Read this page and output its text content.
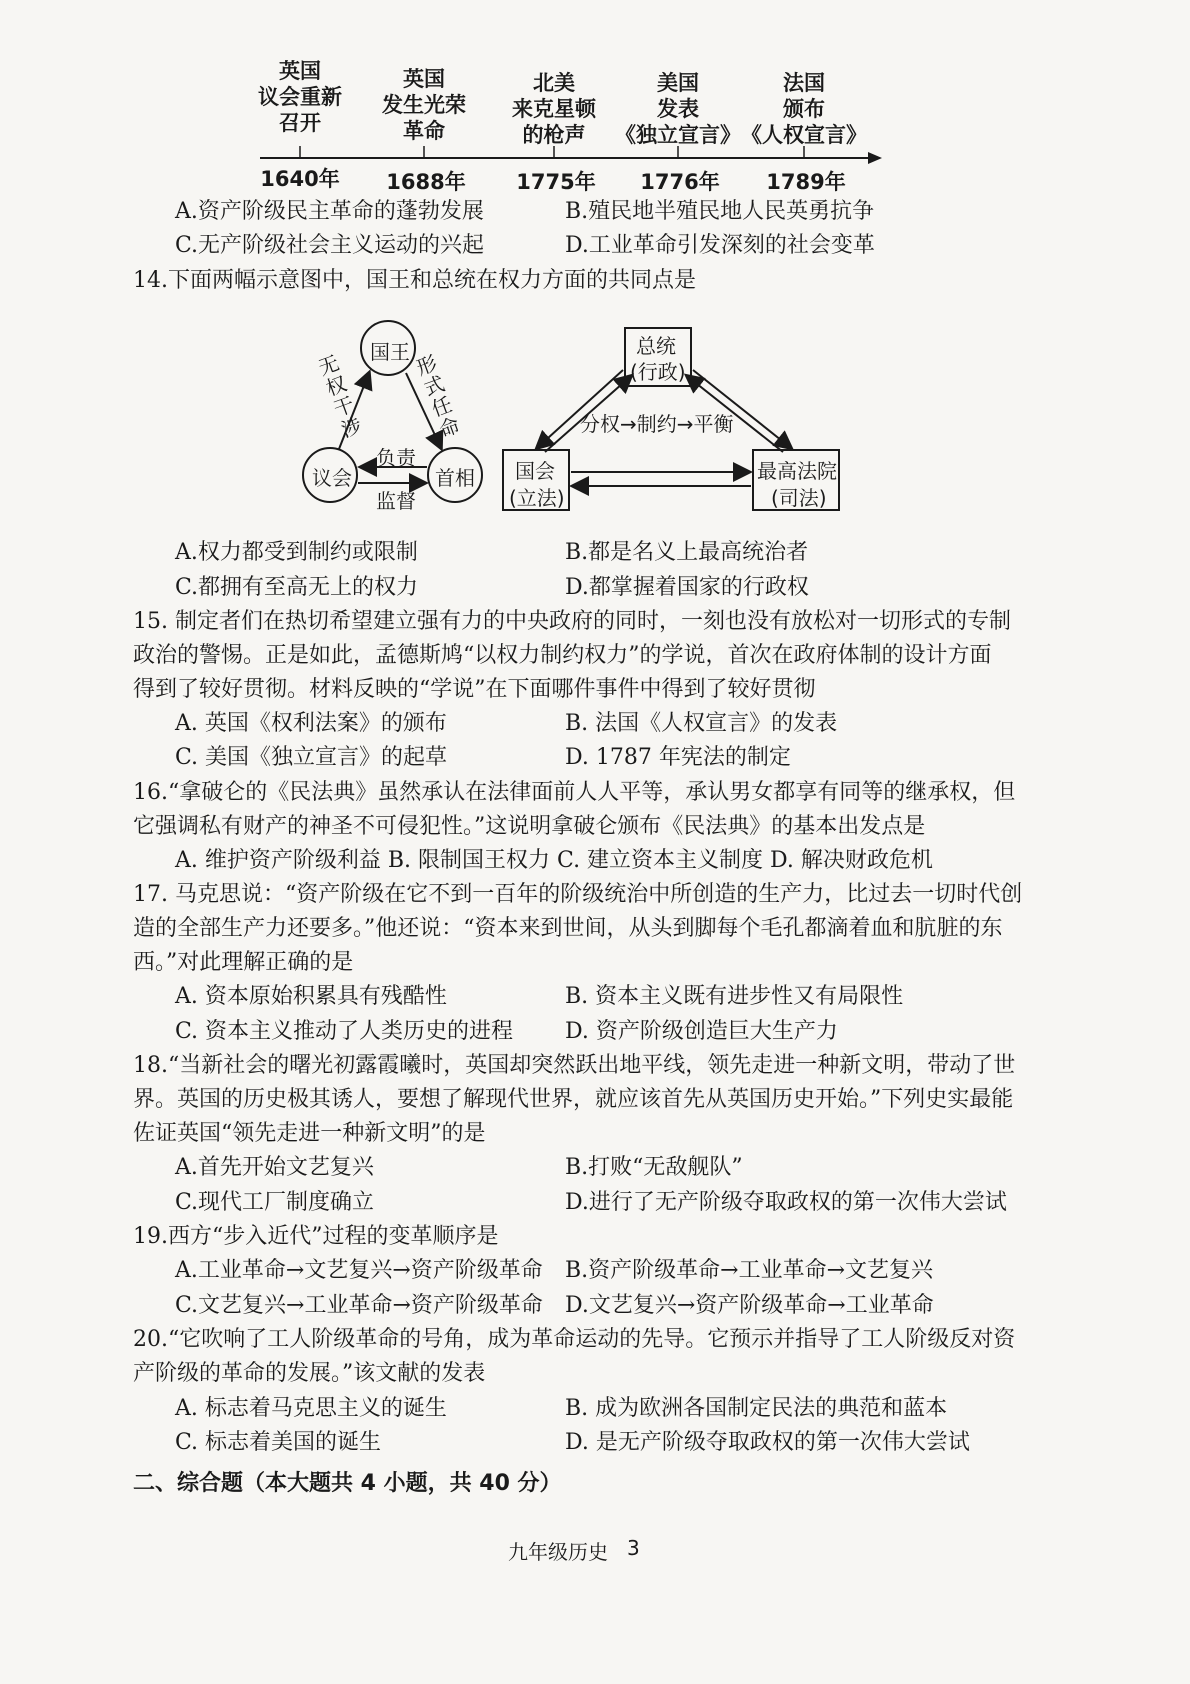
英国
议会重新
召开
英国
发生光荣
革命
北美
来克星顿
的枪声
美国
发表
《独立宣言》
法国
颁布
《人权宣言》
1640年	1688年	1775年	1776年	1789年
A.资产阶级民主革命的蓬勃发展	B.殖民地半殖民地人民英勇抗争
C.无产阶级社会主义运动的兴起	D.工业革命引发深刻的社会变革
14.下面两幅示意图中，国王和总统在权力方面的共同点是
国王
议会	首相
无权干涉
形式任命
负责
监督
总统
(行政)
国会
(立法)
最高法院
(司法)
分权→制约→平衡
A.权力都受到制约或限制	B.都是名义上最高统治者
C.都拥有至高无上的权力	D.都掌握着国家的行政权
15. 制定者们在热切希望建立强有力的中央政府的同时，一刻也没有放松对一切形式的专制
政治的警惕。正是如此，孟德斯鸠“以权力制约权力”的学说，首次在政府体制的设计方面
得到了较好贯彻。材料反映的“学说”在下面哪件事件中得到了较好贯彻
A. 英国《权利法案》的颁布	B. 法国《人权宣言》的发表
C. 美国《独立宣言》的起草	D. 1787 年宪法的制定
16.“拿破仑的《民法典》虽然承认在法律面前人人平等，承认男女都享有同等的继承权，但
它强调私有财产的神圣不可侵犯性。”这说明拿破仑颁布《民法典》的基本出发点是
A. 维护资产阶级利益 B. 限制国王权力 C. 建立资本主义制度 D. 解决财政危机
17. 马克思说：“资产阶级在它不到一百年的阶级统治中所创造的生产力，比过去一切时代创
造的全部生产力还要多。”他还说：“资本来到世间，从头到脚每个毛孔都滴着血和肮脏的东
西。”对此理解正确的是
A. 资本原始积累具有残酷性	B. 资本主义既有进步性又有局限性
C. 资本主义推动了人类历史的进程 D. 资产阶级创造巨大生产力
18.“当新社会的曙光初露霞曦时，英国却突然跃出地平线，领先走进一种新文明，带动了世
界。英国的历史极其诱人，要想了解现代世界，就应该首先从英国历史开始。”下列史实最能
佐证英国“领先走进一种新文明”的是
A.首先开始文艺复兴	B.打败“无敌舰队”
C.现代工厂制度确立	D.进行了无产阶级夺取政权的第一次伟大尝试
19.西方“步入近代”过程的变革顺序是
A.工业革命→文艺复兴→资产阶级革命 B.资产阶级革命→工业革命→文艺复兴
C.文艺复兴→工业革命→资产阶级革命 D.文艺复兴→资产阶级革命→工业革命
20.“它吹响了工人阶级革命的号角，成为革命运动的先导。它预示并指导了工人阶级反对资
产阶级的革命的发展。”该文献的发表
A. 标志着马克思主义的诞生	B. 成为欧洲各国制定民法的典范和蓝本
C. 标志着美国的诞生	D. 是无产阶级夺取政权的第一次伟大尝试
二、综合题（本大题共 4 小题，共 40 分）
九年级历史 3
